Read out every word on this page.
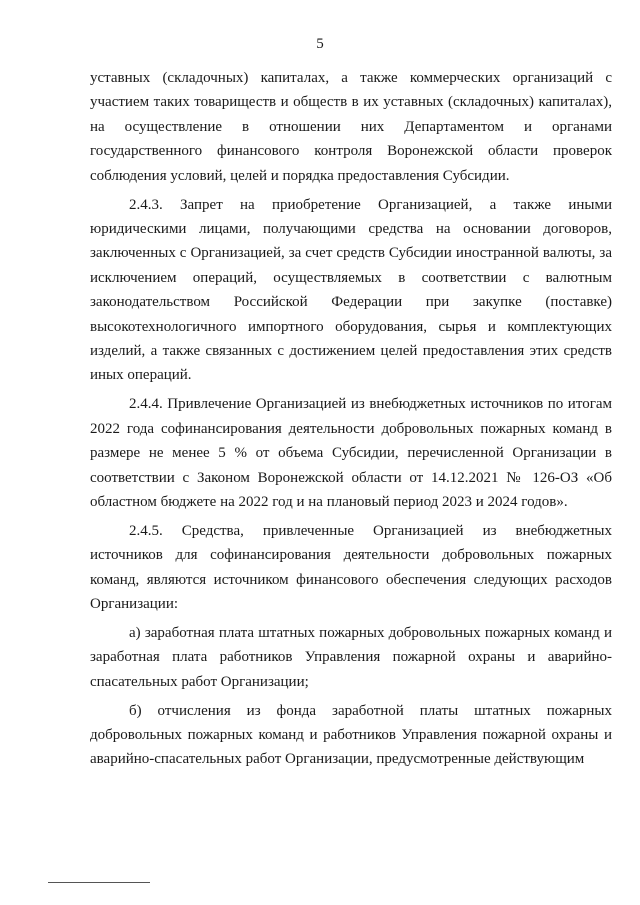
5

уставных (складочных) капиталах, а также коммерческих организаций с участием таких товариществ и обществ в их уставных (складочных) капиталах), на осуществление в отношении них Департаментом и органами государственного финансового контроля Воронежской области проверок соблюдения условий, целей и порядка предоставления Субсидии.

2.4.3. Запрет на приобретение Организацией, а также иными юридическими лицами, получающими средства на основании договоров, заключенных с Организацией, за счет средств Субсидии иностранной валюты, за исключением операций, осуществляемых в соответствии с валютным законодательством Российской Федерации при закупке (поставке) высокотехнологичного импортного оборудования, сырья и комплектующих изделий, а также связанных с достижением целей предоставления этих средств иных операций.

2.4.4. Привлечение Организацией из внебюджетных источников по итогам 2022 года софинансирования деятельности добровольных пожарных команд в размере не менее 5 % от объема Субсидии, перечисленной Организации в соответствии с Законом Воронежской области от 14.12.2021 № 126-ОЗ «Об областном бюджете на 2022 год и на плановый период 2023 и 2024 годов».

2.4.5. Средства, привлеченные Организацией из внебюджетных источников для софинансирования деятельности добровольных пожарных команд, являются источником финансового обеспечения следующих расходов Организации:

а) заработная плата штатных пожарных добровольных пожарных команд и заработная плата работников Управления пожарной охраны и аварийно-спасательных работ Организации;

б) отчисления из фонда заработной платы штатных пожарных добровольных пожарных команд и работников Управления пожарной охраны и аварийно-спасательных работ Организации, предусмотренные действующим
